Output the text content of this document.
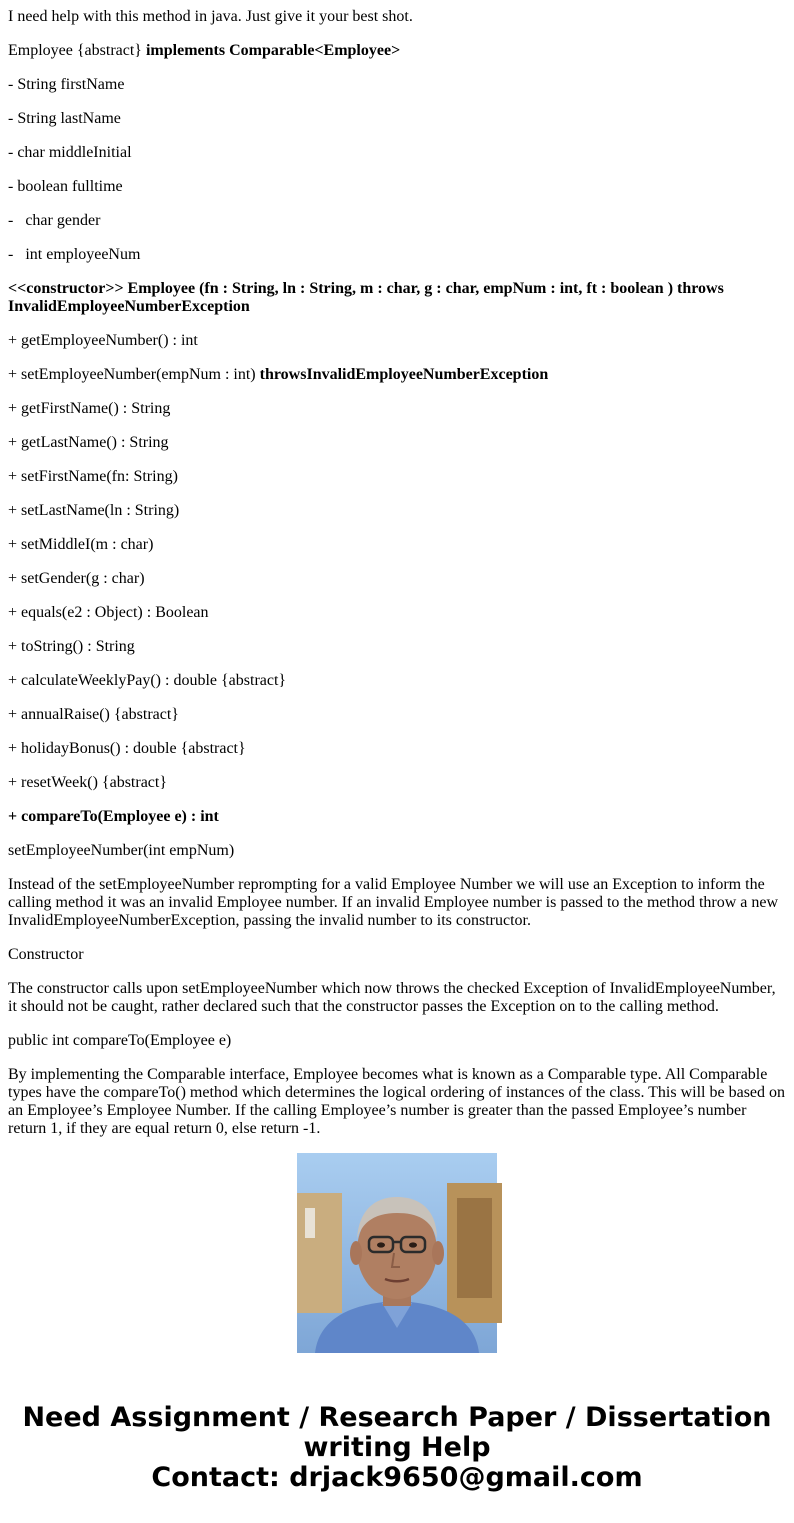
I need help with this method in java. Just give it your best shot.

Employee {abstract} implements Comparable<Employee>

- String firstName

- String lastName

- char middleInitial

- boolean fulltime

-   char gender

-   int employeeNum

<<constructor>> Employee (fn : String, ln : String, m : char, g : char, empNum : int, ft : boolean ) throws InvalidEmployeeNumberException

+ getEmployeeNumber() : int

+ setEmployeeNumber(empNum : int) throwsInvalidEmployeeNumberException

+ getFirstName() : String

+ getLastName() : String

+ setFirstName(fn: String)

+ setLastName(ln : String)

+ setMiddleI(m : char)

+ setGender(g : char)

+ equals(e2 : Object) : Boolean

+ toString() : String

+ calculateWeeklyPay() : double {abstract}

+ annualRaise() {abstract}

+ holidayBonus() : double {abstract}

+ resetWeek() {abstract}

+ compareTo(Employee e) : int

setEmployeeNumber(int empNum)

Instead of the setEmployeeNumber reprompting for a valid Employee Number we will use an Exception to inform the calling method it was an invalid Employee number. If an invalid Employee number is passed to the method throw a new InvalidEmployeeNumberException, passing the invalid number to its constructor.

Constructor

The constructor calls upon setEmployeeNumber which now throws the checked Exception of InvalidEmployeeNumber, it should not be caught, rather declared such that the constructor passes the Exception on to the calling method.

public int compareTo(Employee e)

By implementing the Comparable interface, Employee becomes what is known as a Comparable type. All Comparable types have the compareTo() method which determines the logical ordering of instances of the class. This will be based on an Employee’s Employee Number. If the calling Employee’s number is greater than the passed Employee’s number return 1, if they are equal return 0, else return -1.

Need Assignment / Research Paper / Dissertation
writing Help
Contact: drjack9650@gmail.com
